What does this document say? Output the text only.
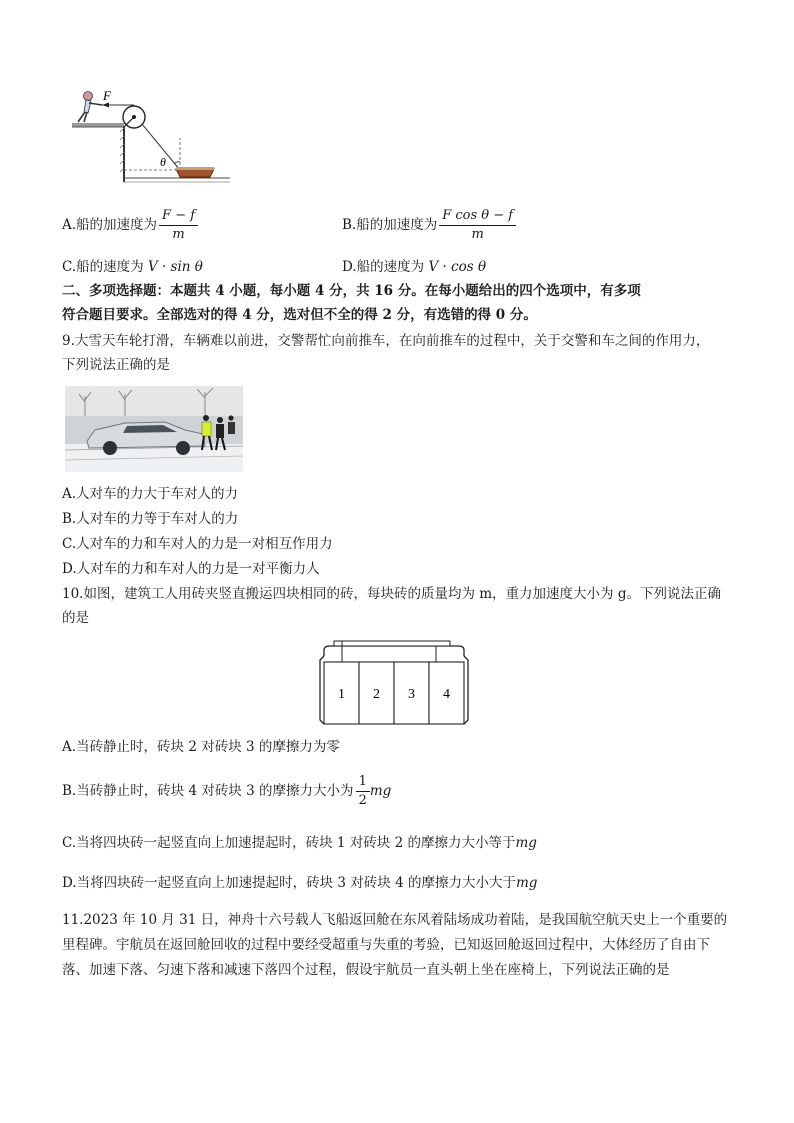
F
θ
A.船的加速度为 $\frac{F - f}{m}$	B.船的加速度为 $\frac{\text{F cos θ − f}}{m}$
C.船的速度为 V · sin θ	D.船的速度为 V · cos θ
二、多项选择题：本题共 4 小题，每小题 4 分，共 16 分。在每小题给出的四个选项中，有多项
符合题目要求。全部选对的得 4 分，选对但不全的得 2 分，有选错的得 0 分。
9.大雪天车轮打滑，车辆难以前进，交警帮忙向前推车，在向前推车的过程中，关于交警和车之间的作用力，
下列说法正确的是
A.人对车的力大于车对人的力
B.人对车的力等于车对人的力
C.人对车的力和车对人的力是一对相互作用力
D.人对车的力和车对人的力是一对平衡力人
10.如图，建筑工人用砖夹竖直搬运四块相同的砖，每块砖的质量均为 m，重力加速度大小为 g。下列说法正确
的是
1 2 3 4
A.当砖静止时，砖块 2 对砖块 3 的摩擦力为零
B.当砖静止时，砖块 4 对砖块 3 的摩擦力大小为 $\frac{1}{2}$ mg
C.当将四块砖一起竖直向上加速提起时，砖块 1 对砖块 2 的摩擦力大小等于mg
D.当将四块砖一起竖直向上加速提起时，砖块 3 对砖块 4 的摩擦力大小大于mg
11.2023 年 10 月 31 日，神舟十六号载人飞船返回舱在东风着陆场成功着陆，是我国航空航天史上一个重要的
里程碑。宇航员在返回舱回收的过程中要经受超重与失重的考验，已知返回舱返回过程中，大体经历了自由下
落、加速下落、匀速下落和减速下落四个过程，假设宇航员一直头朝上坐在座椅上，下列说法正确的是
